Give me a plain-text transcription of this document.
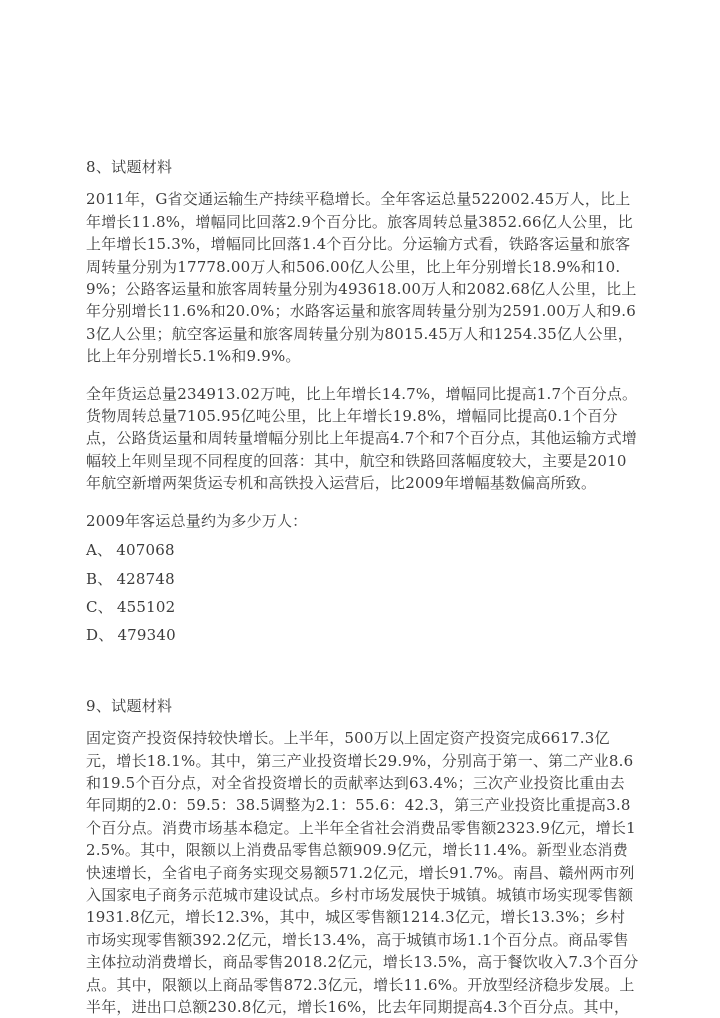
8、试题材料

2011年，G省交通运输生产持续平稳增长。全年客运总量522002.45万人，比上年增长11.8%，增幅同比回落2.9个百分比。旅客周转总量3852.66亿人公里，比上年增长15.3%，增幅同比回落1.4个百分比。分运输方式看，铁路客运量和旅客周转量分别为17778.00万人和506.00亿人公里，比上年分别增长18.9%和10.9%；公路客运量和旅客周转量分别为493618.00万人和2082.68亿人公里，比上年分别增长11.6%和20.0%；水路客运量和旅客周转量分别为2591.00万人和9.63亿人公里；航空客运量和旅客周转量分别为8015.45万人和1254.35亿人公里，比上年分别增长5.1%和9.9%。

全年货运总量234913.02万吨，比上年增长14.7%，增幅同比提高1.7个百分点。货物周转总量7105.95亿吨公里，比上年增长19.8%，增幅同比提高0.1个百分点，公路货运量和周转量增幅分别比上年提高4.7个和7个百分点，其他运输方式增幅较上年则呈现不同程度的回落：其中，航空和铁路回落幅度较大，主要是2010年航空新增两架货运专机和高铁投入运营后，比2009年增幅基数偏高所致。

2009年客运总量约为多少万人：

A、 407068
B、 428748
C、 455102
D、 479340
9、试题材料

固定资产投资保持较快增长。上半年，500万以上固定资产投资完成6617.3亿元，增长18.1%。其中，第三产业投资增长29.9%，分别高于第一、第二产业8.6和19.5个百分点，对全省投资增长的贡献率达到63.4%；三次产业投资比重由去年同期的2.0：59.5：38.5调整为2.1：55.6：42.3，第三产业投资比重提高3.8个百分点。消费市场基本稳定。上半年全省社会消费品零售额2323.9亿元，增长12.5%。其中，限额以上消费品零售总额909.9亿元，增长11.4%。新型业态消费快速增长，全省电子商务实现交易额571.2亿元，增长91.7%。南昌、赣州两市列入国家电子商务示范城市建设试点。乡村市场发展快于城镇。城镇市场实现零售额1931.8亿元，增长12.3%，其中，城区零售额1214.3亿元，增长13.3%；乡村市场实现零售额392.2亿元，增长13.4%，高于城镇市场1.1个百分点。商品零售主体拉动消费增长，商品零售2018.2亿元，增长13.5%，高于餐饮收入7.3个百分点。其中，限额以上商品零售872.3亿元，增长11.6%。开放型经济稳步发展。上半年，进出口总额230.8亿元，增长16%，比去年同期提高4.3个百分点。其中，
